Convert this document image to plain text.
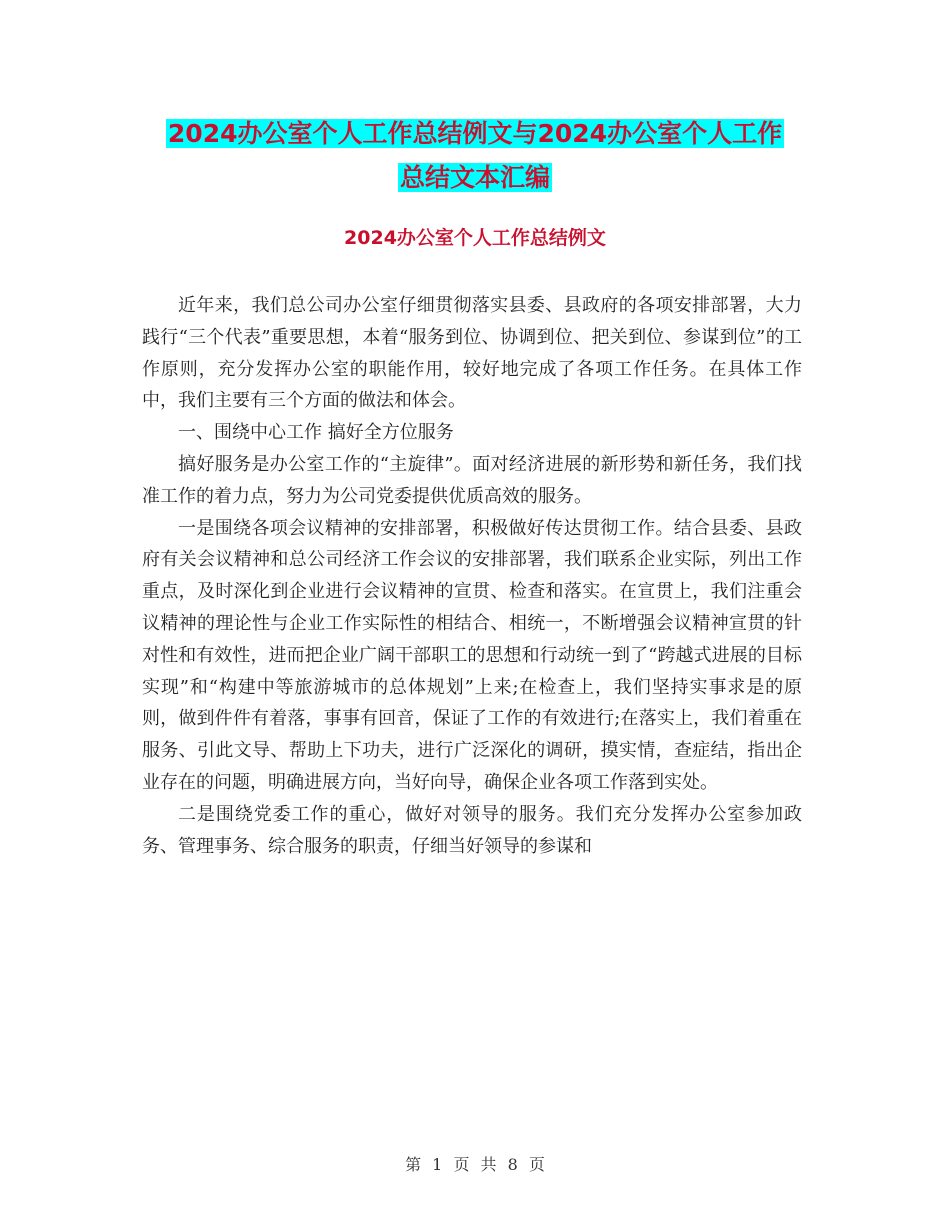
2024办公室个人工作总结例文与2024办公室个人工作
总结文本汇编
2024办公室个人工作总结例文

近年来，我们总公司办公室仔细贯彻落实县委、县政府的各项安排部署，大力践行“三个代表”重要思想，本着“服务到位、协调到位、把关到位、参谋到位”的工作原则，充分发挥办公室的职能作用，较好地完成了各项工作任务。在具体工作中，我们主要有三个方面的做法和体会。

一、围绕中心工作 搞好全方位服务

搞好服务是办公室工作的“主旋律”。面对经济进展的新形势和新任务，我们找准工作的着力点，努力为公司党委提供优质高效的服务。

一是围绕各项会议精神的安排部署，积极做好传达贯彻工作。结合县委、县政府有关会议精神和总公司经济工作会议的安排部署，我们联系企业实际，列出工作重点，及时深化到企业进行会议精神的宣贯、检查和落实。在宣贯上，我们注重会议精神的理论性与企业工作实际性的相结合、相统一，不断增强会议精神宣贯的针对性和有效性，进而把企业广阔干部职工的思想和行动统一到了“跨越式进展的目标实现”和“构建中等旅游城市的总体规划”上来;在检查上，我们坚持实事求是的原则，做到件件有着落，事事有回音，保证了工作的有效进行;在落实上，我们着重在服务、引此文导、帮助上下功夫，进行广泛深化的调研，摸实情，查症结，指出企业存在的问题，明确进展方向，当好向导，确保企业各项工作落到实处。

二是围绕党委工作的重心，做好对领导的服务。我们充分发挥办公室参加政务、管理事务、综合服务的职责，仔细当好领导的参谋和

第 1 页 共 8 页
